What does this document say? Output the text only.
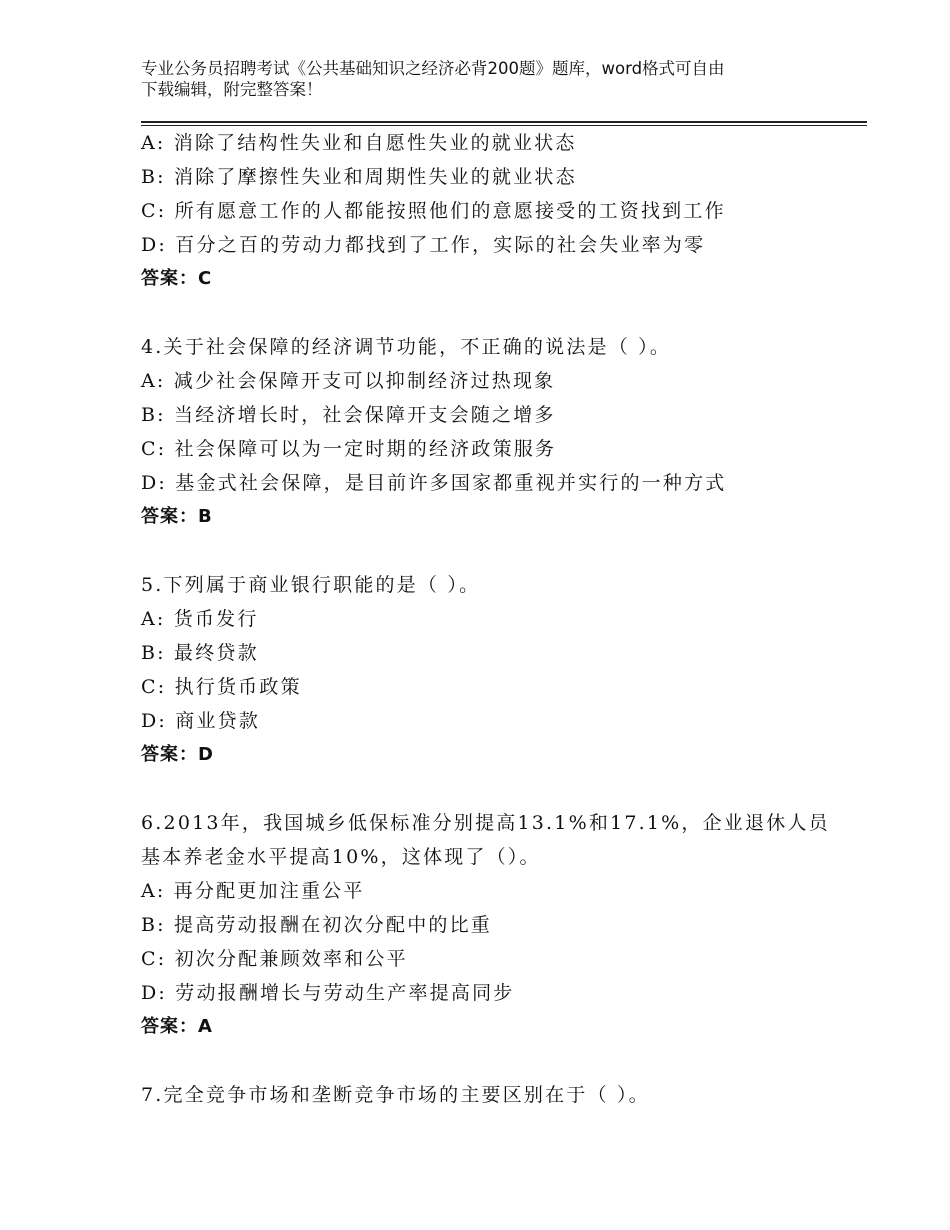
专业公务员招聘考试《公共基础知识之经济必背200题》题库，word格式可自由
下载编辑，附完整答案！
A: 消除了结构性失业和自愿性失业的就业状态
B: 消除了摩擦性失业和周期性失业的就业状态
C: 所有愿意工作的人都能按照他们的意愿接受的工资找到工作
D: 百分之百的劳动力都找到了工作，实际的社会失业率为零
答案：C
4.关于社会保障的经济调节功能，不正确的说法是（ ）。
A: 减少社会保障开支可以抑制经济过热现象
B: 当经济增长时，社会保障开支会随之增多
C: 社会保障可以为一定时期的经济政策服务
D: 基金式社会保障，是目前许多国家都重视并实行的一种方式
答案：B
5.下列属于商业银行职能的是（ ）。
A: 货币发行
B: 最终贷款
C: 执行货币政策
D: 商业贷款
答案：D
6.2013年，我国城乡低保标准分别提高13.1%和17.1%，企业退休人员
基本养老金水平提高10%，这体现了（）。
A: 再分配更加注重公平
B: 提高劳动报酬在初次分配中的比重
C: 初次分配兼顾效率和公平
D: 劳动报酬增长与劳动生产率提高同步
答案：A
7.完全竞争市场和垄断竞争市场的主要区别在于（ ）。
